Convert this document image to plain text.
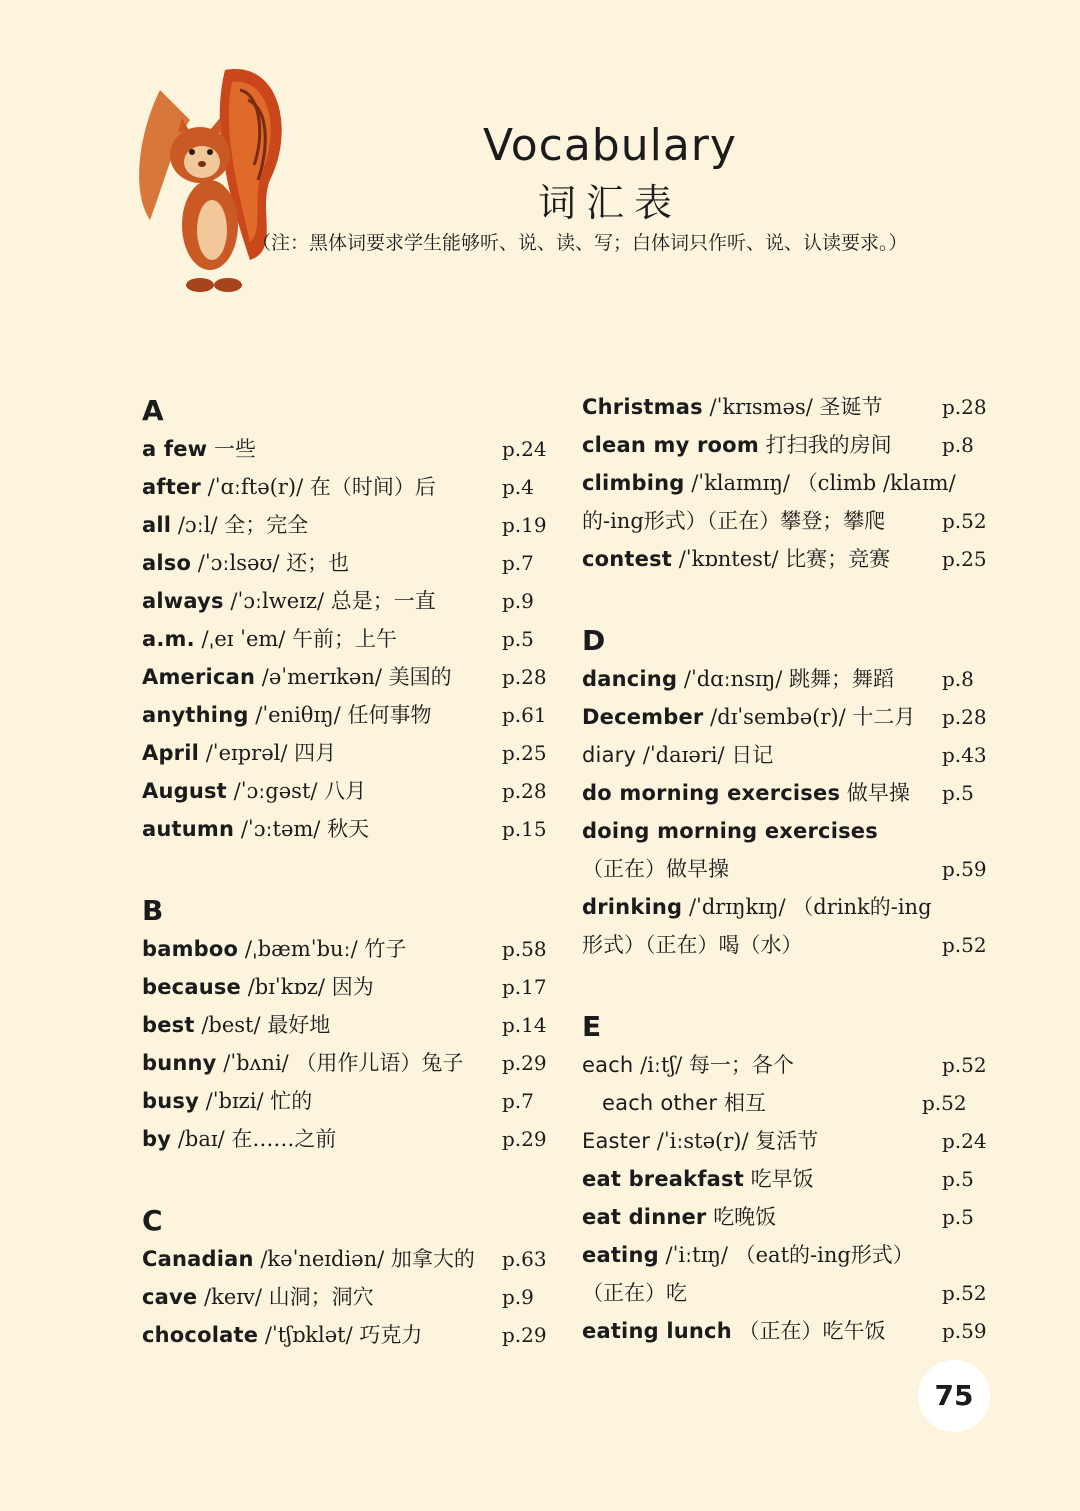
Vocabulary
词汇表
（注：黑体词要求学生能够听、说、读、写；白体词只作听、说、认读要求。）
A
a few 一些	p.24
after /ˈɑːftə(r)/ 在（时间）后	p.4
all /ɔːl/ 全；完全	p.19
also /ˈɔːlsəʊ/ 还；也	p.7
always /ˈɔːlweɪz/ 总是；一直	p.9
a.m. /ˌeɪ ˈem/ 午前；上午	p.5
American /əˈmerɪkən/ 美国的	p.28
anything /ˈeniθɪŋ/ 任何事物	p.61
April /ˈeɪprəl/ 四月	p.25
August /ˈɔːgəst/ 八月	p.28
autumn /ˈɔːtəm/ 秋天	p.15
B
bamboo /ˌbæmˈbuː/ 竹子	p.58
because /bɪˈkɒz/ 因为	p.17
best /best/ 最好地	p.14
bunny /ˈbʌni/ （用作儿语）兔子 p.29
busy /ˈbɪzi/ 忙的	p.7
by /baɪ/ 在……之前	p.29
C
Canadian /kəˈneɪdiən/ 加拿大的 p.63
cave /keɪv/ 山洞；洞穴	p.9
chocolate /ˈtʃɒklət/ 巧克力	p.29
Christmas /ˈkrɪsməs/ 圣诞节	p.28
clean my room 打扫我的房间	p.8
climbing /ˈklaɪmɪŋ/ （climb /klaɪm/
的-ing形式）（正在）攀登；攀爬	p.52
contest /ˈkɒntest/ 比赛；竞赛	p.25
D
dancing /ˈdɑːnsɪŋ/ 跳舞；舞蹈 p.8
December /dɪˈsembə(r)/ 十二月 p.28
diary /ˈdaɪəri/ 日记	p.43
do morning exercises 做早操 p.5
doing morning exercises
（正在）做早操	p.59
drinking /ˈdrɪŋkɪŋ/ （drink的-ing
形式）（正在）喝（水）	p.52
E
each /iːtʃ/ 每一；各个	p.52
each other 相互	p.52
Easter /ˈiːstə(r)/ 复活节	p.24
eat breakfast 吃早饭	p.5
eat dinner 吃晚饭	p.5
eating /ˈiːtɪŋ/ （eat的-ing形式）
（正在）吃	p.52
eating lunch （正在）吃午饭	p.59
75
